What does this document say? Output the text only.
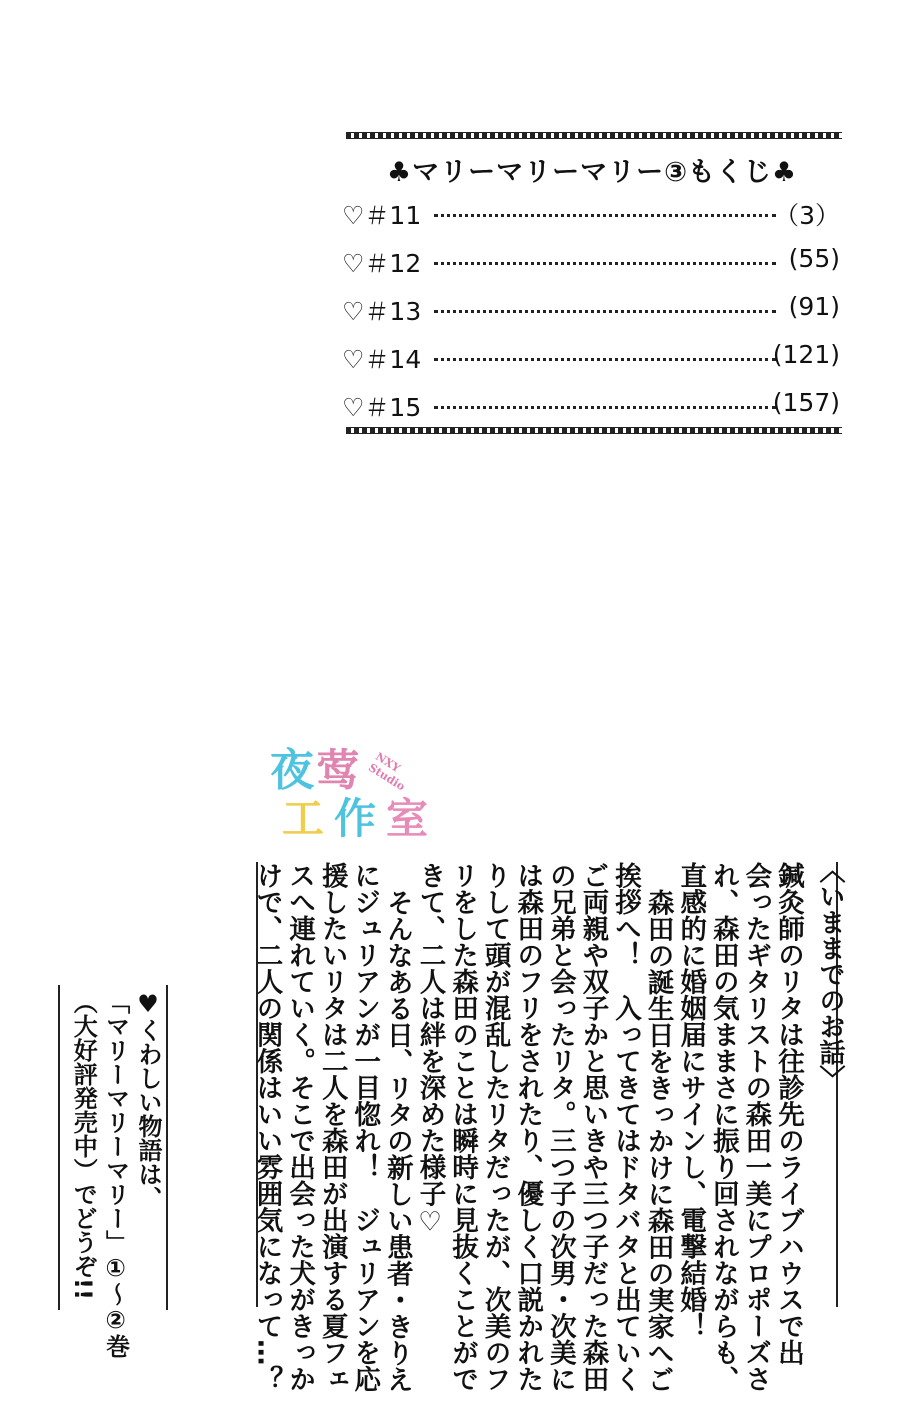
♣マリーマリーマリー③もくじ♣
♡＃11	（3）
♡＃12	(55)
♡＃13	(91)
♡＃14	(121)
♡＃15	(157)
夜莺	NXY Studio
工作室
〈いままでのお話〉
鍼灸師のリタは往診先のライブハウスで出
会ったギタリストの森田一美にプロポーズさ
れ、森田の気ままさに振り回されながらも、
直感的に婚姻届にサインし、電撃結婚！
森田の誕生日をきっかけに森田の実家へご
挨拶へ！　入ってきてはドタバタと出ていく
ご両親や双子かと思いきや三つ子だった森田
の兄弟と会ったリタ。三つ子の次男・次美に
は森田のフリをされたり、優しく口説かれた
りして頭が混乱したリタだったが、次美のフ
リをした森田のことは瞬時に見抜くことがで
きて、二人は絆を深めた様子♡
そんなある日、リタの新しい患者・きりえ
にジュリアンが一目惚れ！　ジュリアンを応
援したいリタは二人を森田が出演する夏フェ
スへ連れていく。そこで出会った犬がきっか
けで、二人の関係はいい雰囲気になって…？
♥くわしい物語は、
「マリーマリーマリー」①～②巻
（大好評発売中）でどうぞ!!
